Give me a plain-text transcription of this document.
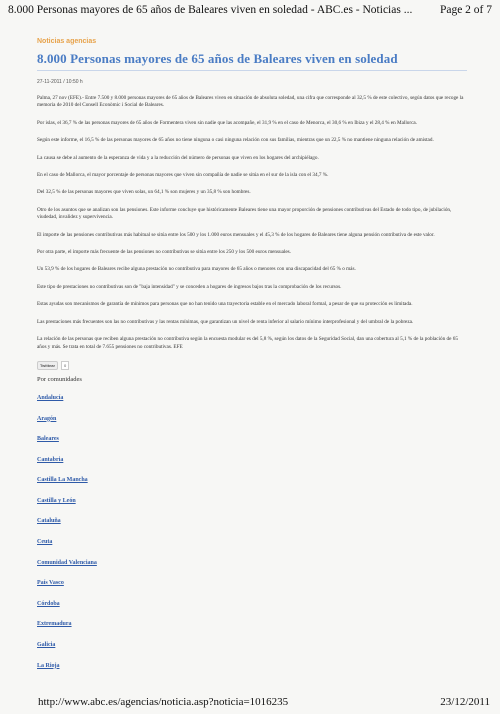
8.000 Personas mayores de 65 años de Baleares viven en soledad - ABC.es - Noticias ... Page 2 of 7
Noticias agencias
8.000 Personas mayores de 65 años de Baleares viven en soledad
27-11-2011 / 10:50 h

Palma, 27 nov (EFE).- Entre 7.500 y 8.000 personas mayores de 65 años de Baleares viven en situación de absoluta soledad, una cifra que corresponde al 32,5 % de este colectivo, según datos que recoge la memoria de 2010 del Consell Econòmic i Social de Baleares.

Por islas, el 36,7 % de las personas mayores de 65 años de Formentera viven sin nadie que las acompañe, el 31,9 % en el caso de Menorca, el 30,6 % en Ibiza y el 28,4 % en Mallorca.

Según este informe, el 16,5 % de las personas mayores de 65 años no tiene ninguna o casi ninguna relación con sus familias, mientras que un 22,5 % no mantiene ninguna relación de amistad.

La causa se debe al aumento de la esperanza de vida y a la reducción del número de personas que viven en los hogares del archipiélago.

En el caso de Mallorca, el mayor porcentaje de personas mayores que viven sin compañía de nadie se sitúa en el sur de la isla con el 34,7 %.

Del 32,5 % de las personas mayores que viven solas, un 64,1 % son mujeres y un 35,8 % son hombres.

Otro de los asuntos que se analizan son las pensiones. Este informe concluye que históricamente Baleares tiene una mayor proporción de pensiones contributivas del Estado de todo tipo, de jubilación, viudedad, invalidez y supervivencia.

El importe de las pensiones contributivas más habitual se sitúa entre los 500 y los 1.000 euros mensuales y el 45,3 % de los hogares de Baleares tiene alguna pensión contributiva de este valor.

Por otra parte, el importe más frecuente de las pensiones no contributivas se sitúa entre los 250 y los 500 euros mensuales.

Un 53,9 % de los hogares de Baleares recibe alguna prestación no contributiva para mayores de 65 años o menores con una discapacidad del 65 % o más.

Este tipo de prestaciones no contributivas son de "baja intensidad" y se conceden a hogares de ingresos bajos tras la comprobación de los recursos.

Estas ayudas son mecanismos de garantía de mínimos para personas que no han tenido una trayectoria estable en el mercado laboral formal, a pesar de que su protección es limitada.

Las prestaciones más frecuentes son las no contributivas y las rentas mínimas, que garantizan un nivel de renta inferior al salario mínimo interprofesional y del umbral de la pobreza.

La relación de las personas que reciben alguna prestación no contributiva según la encuesta modular es del 5,8 %, según los datos de la Seguridad Social, dan una cobertura al 5,1 % de la población de 65 años y más. Se trata en total de 7.655 pensiones no contributivas. EFE

Twittear	0
Por comunidades
Andalucía
Aragón
Baleares
Cantabria
Castilla La Mancha
Castilla y León
Cataluña
Ceuta
Comunidad Valenciana
País Vasco
Córdoba
Extremadura
Galicia
La Rioja
http://www.abc.es/agencias/noticia.asp?noticia=1016235	23/12/2011
